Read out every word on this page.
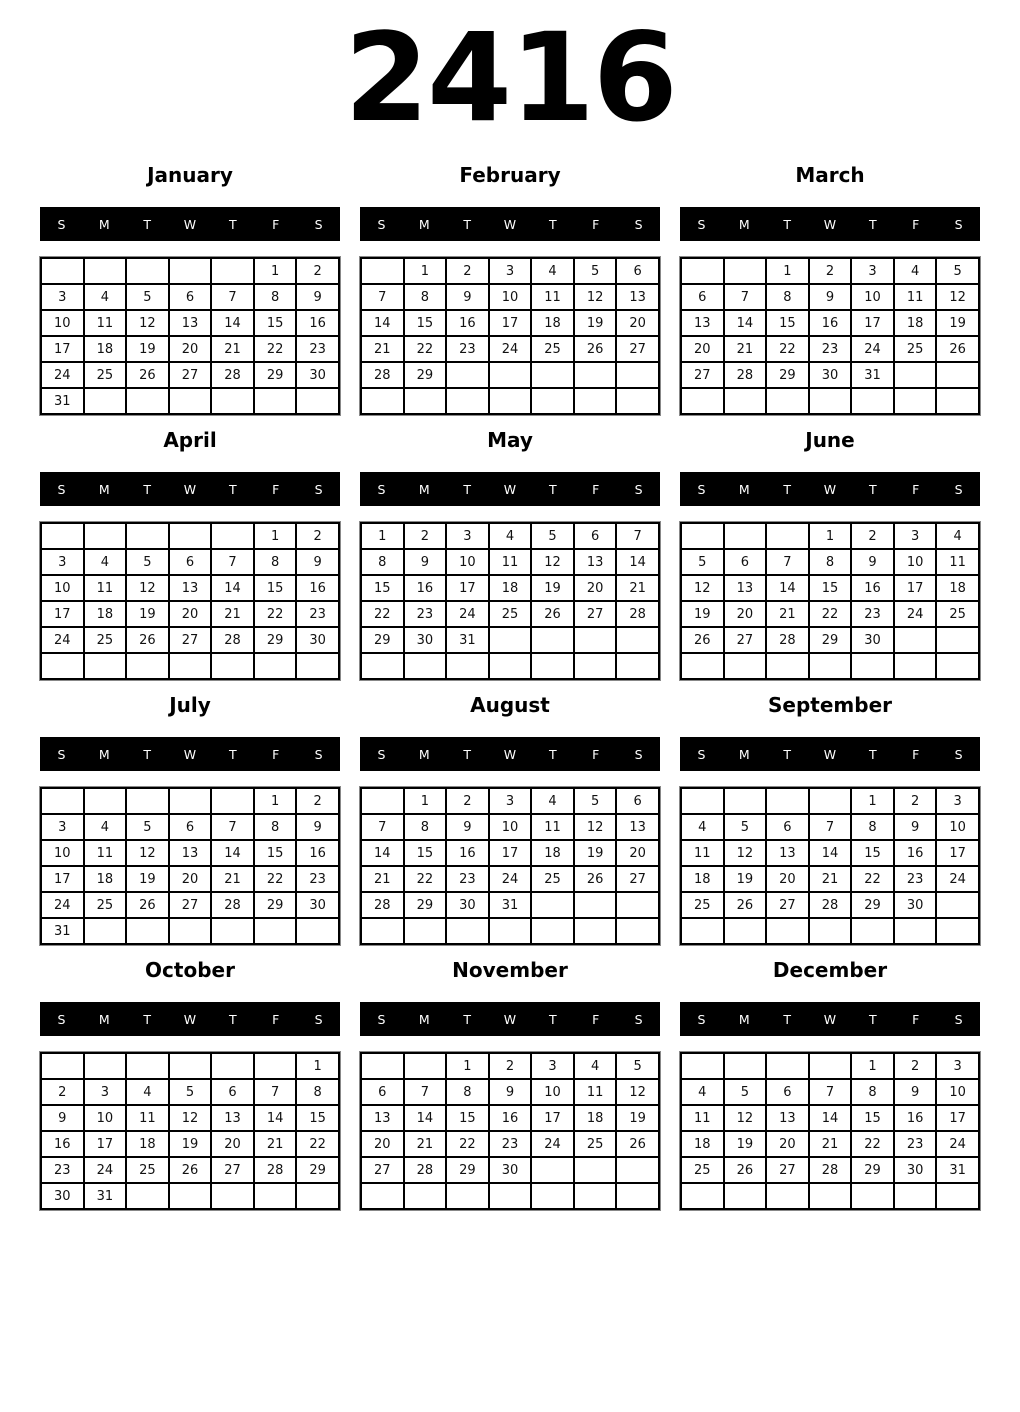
2416
January
S	M	T	W	T	F	S
					1	2
3	4	5	6	7	8	9
10	11	12	13	14	15	16
17	18	19	20	21	22	23
24	25	26	27	28	29	30
31						
February
S	M	T	W	T	F	S
	1	2	3	4	5	6
7	8	9	10	11	12	13
14	15	16	17	18	19	20
21	22	23	24	25	26	27
28	29					

March
S	M	T	W	T	F	S
		1	2	3	4	5
6	7	8	9	10	11	12
13	14	15	16	17	18	19
20	21	22	23	24	25	26
27	28	29	30	31		

April
S	M	T	W	T	F	S
					1	2
3	4	5	6	7	8	9
10	11	12	13	14	15	16
17	18	19	20	21	22	23
24	25	26	27	28	29	30

May
S	M	T	W	T	F	S
1	2	3	4	5	6	7
8	9	10	11	12	13	14
15	16	17	18	19	20	21
22	23	24	25	26	27	28
29	30	31				

June
S	M	T	W	T	F	S
			1	2	3	4
5	6	7	8	9	10	11
12	13	14	15	16	17	18
19	20	21	22	23	24	25
26	27	28	29	30		

July
S	M	T	W	T	F	S
					1	2
3	4	5	6	7	8	9
10	11	12	13	14	15	16
17	18	19	20	21	22	23
24	25	26	27	28	29	30
31						
August
S	M	T	W	T	F	S
	1	2	3	4	5	6
7	8	9	10	11	12	13
14	15	16	17	18	19	20
21	22	23	24	25	26	27
28	29	30	31			

September
S	M	T	W	T	F	S
				1	2	3
4	5	6	7	8	9	10
11	12	13	14	15	16	17
18	19	20	21	22	23	24
25	26	27	28	29	30	

October
S	M	T	W	T	F	S
						1
2	3	4	5	6	7	8
9	10	11	12	13	14	15
16	17	18	19	20	21	22
23	24	25	26	27	28	29
30	31					
November
S	M	T	W	T	F	S
		1	2	3	4	5
6	7	8	9	10	11	12
13	14	15	16	17	18	19
20	21	22	23	24	25	26
27	28	29	30			

December
S	M	T	W	T	F	S
				1	2	3
4	5	6	7	8	9	10
11	12	13	14	15	16	17
18	19	20	21	22	23	24
25	26	27	28	29	30	31
